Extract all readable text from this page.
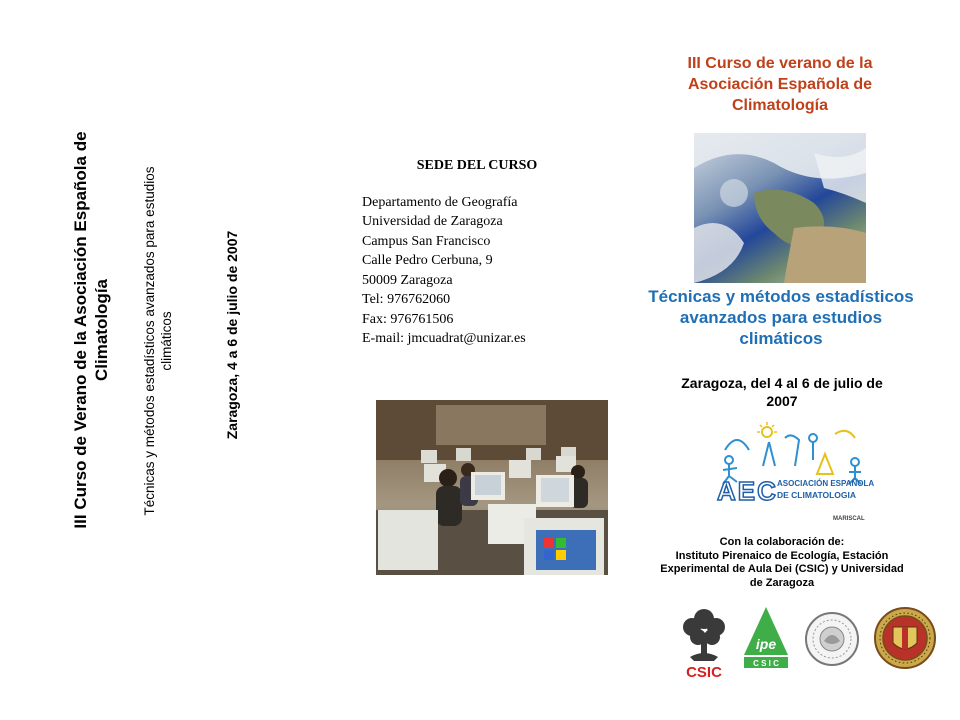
III Curso de Verano de la Asociación Española de Climatología Técnicas y métodos estadísticos avanzados para estudios climáticos	Zaragoza, 4 a 6 de julio de 2007
SEDE DEL CURSO
Departamento de Geografía
Universidad de Zaragoza
Campus San Francisco
Calle Pedro Cerbuna, 9
50009 Zaragoza
Tel: 976762060
Fax: 976761506
E-mail: jmcuadrat@unizar.es
III Curso de verano de la Asociación Española de Climatología
Técnicas y métodos estadísticos avanzados para estudios climáticos
Zaragoza, del 4 al 6 de julio de 2007
AEC ASOCIACIÓN ESPAÑOLA
DE CLIMATOLOGIA
MARISCAL
Con la colaboración de:
Instituto Pirenaico de Ecología, Estación Experimental de Aula Dei (CSIC) y Universidad de Zaragoza
CSIC
ipe
C S I C
